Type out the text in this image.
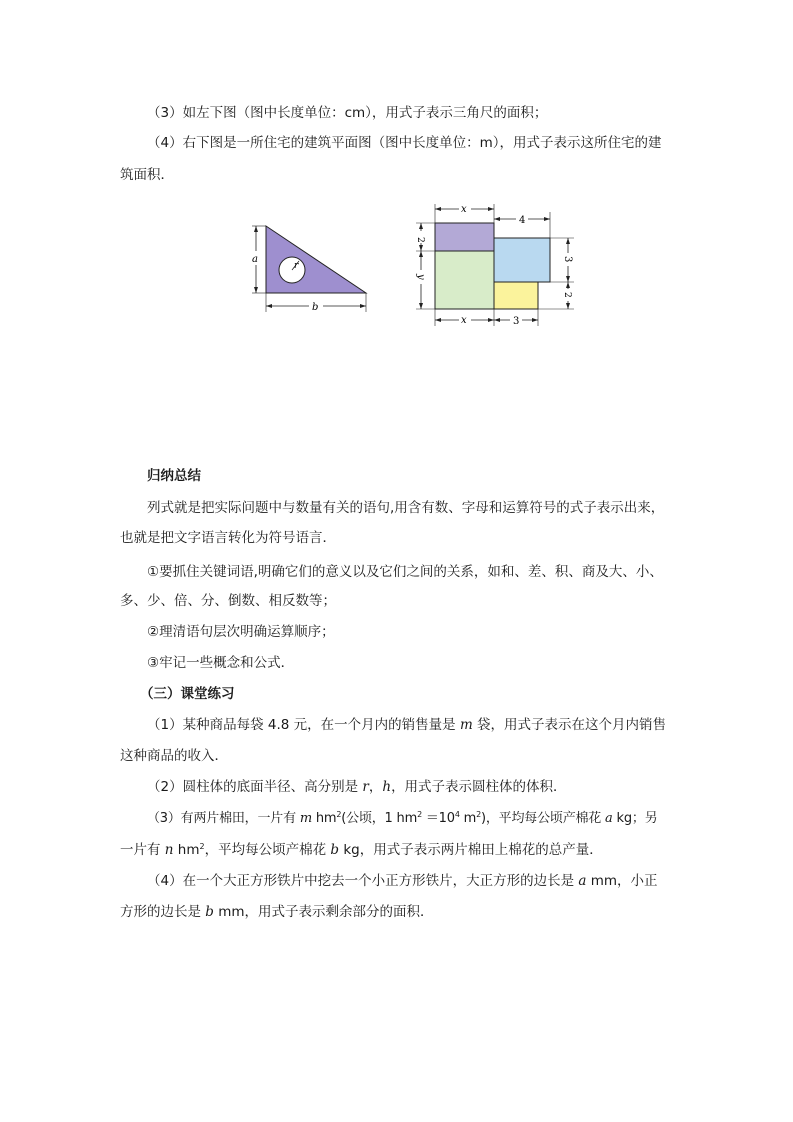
（3）如左下图（图中长度单位：cm），用式子表示三角尺的面积；
（4）右下图是一所住宅的建筑平面图（图中长度单位：m），用式子表示这所住宅的建
筑面积．
r
a
b
x
4
2
y
3
2
x	3
归纳总结
列式就是把实际问题中与数量有关的语句,用含有数、字母和运算符号的式子表示出来，
也就是把文字语言转化为符号语言．
①要抓住关键词语,明确它们的意义以及它们之间的关系，如和、差、积、商及大、小、
多、少、倍、分、倒数、相反数等；
②理清语句层次明确运算顺序；
③牢记一些概念和公式．
（三）课堂练习
（1）某种商品每袋 4.8 元，在一个月内的销售量是 m 袋，用式子表示在这个月内销售
这种商品的收入．
（2）圆柱体的底面半径、高分别是 r，h，用式子表示圆柱体的体积．
（3）有两片棉田，一片有 m $hm^2$(公顷，1 $hm^2 =10^4$ $m^2$)，平均每公顷产棉花 a kg；另
一片有 n $hm^2$，平均每公顷产棉花 b kg，用式子表示两片棉田上棉花的总产量．
（4）在一个大正方形铁片中挖去一个小正方形铁片，大正方形的边长是 a mm，小正
方形的边长是 b mm，用式子表示剩余部分的面积．
